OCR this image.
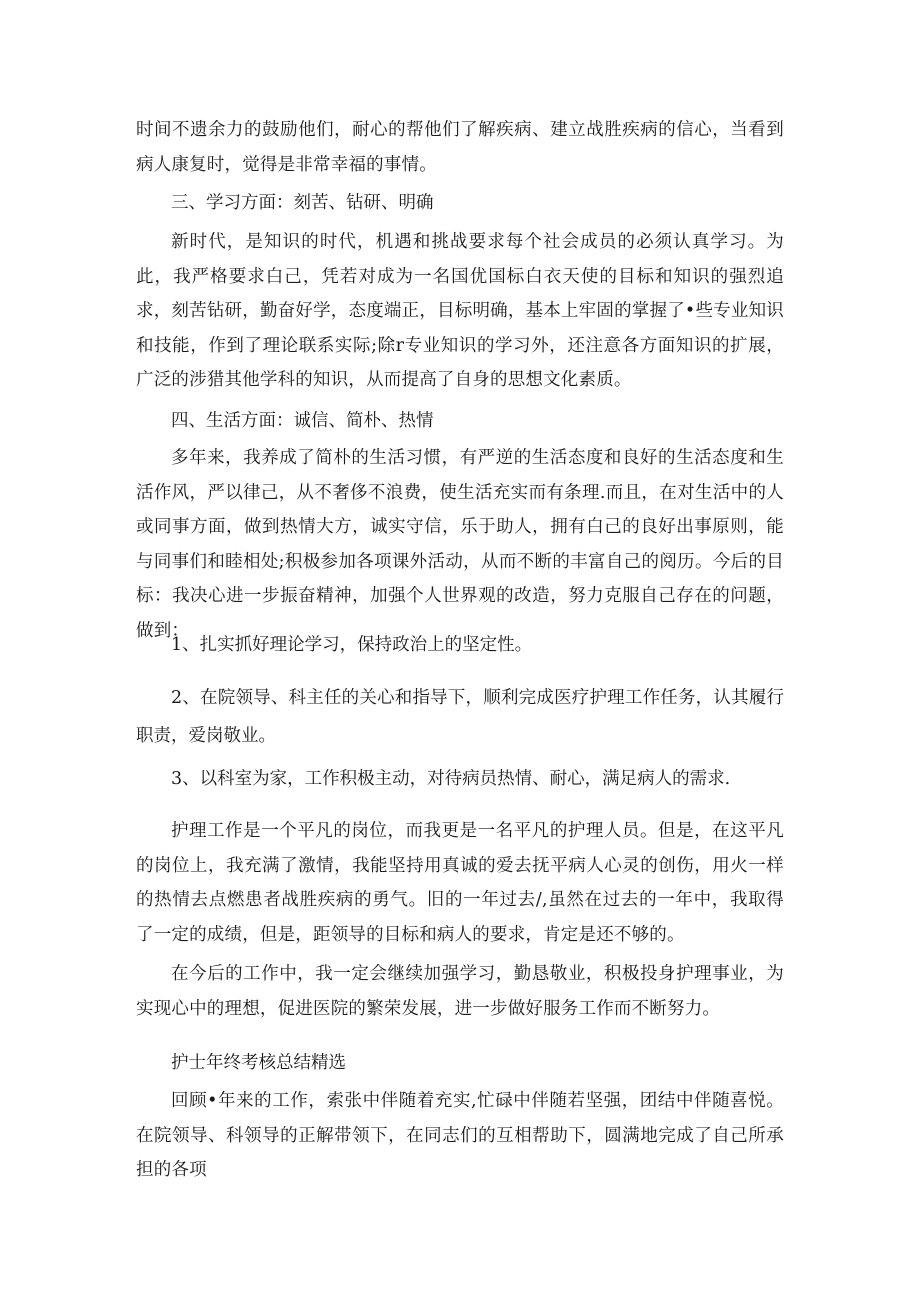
时间不遗余力的鼓励他们，耐心的帮他们了解疾病、建立战胜疾病的信心，当看到病人康复时，觉得是非常幸福的事情。

三、学习方面：刻苦、钻研、明确

新时代，是知识的时代，机遇和挑战要求每个社会成员的必须认真学习。为此，我严格要求白己，凭若对成为一名国优国标白衣天使的目标和知识的强烈追求，刻苦钻研，勤奋好学，态度端正，目标明确，基本上牢固的掌握了•些专业知识和技能，作到了理论联系实际;除r专业知识的学习外，还注意各方面知识的扩展，广泛的涉猎其他学科的知识，从而提高了自身的思想文化素质。

四、生活方面：诚信、简朴、热情

多年来，我养成了简朴的生活习惯，有严逆的生活态度和良好的生活态度和生活作风，严以律己，从不奢侈不浪费，使生活充实而有条理.而且，在对生活中的人或同事方面，做到热情大方，诚实守信，乐于助人，拥有白己的良好出事原则，能与同事们和睦相处;积极参加各项课外活动，从而不断的丰富自己的阅历。今后的目标：我决心进一步振奋精神，加强个人世界观的改造，努力克服自己存在的问题，做到：

1、扎实抓好理论学习，保持政治上的坚定性。

2、在院领导、科主任的关心和指导下，顺利完成医疗护理工作任务，认其履行职责，爱岗敬业。

3、以科室为家，工作积极主动，对待病员热情、耐心，满足病人的需求.

护理工作是一个平凡的岗位，而我更是一名平凡的护理人员。但是，在这平凡的岗位上，我充满了激情，我能坚持用真诚的爱去抚平病人心灵的创伤，用火一样的热情去点燃患者战胜疾病的勇气。旧的一年过去/,虽然在过去的一年中，我取得了一定的成绩，但是，距领导的目标和病人的要求，肯定是还不够的。

在今后的工作中，我一定会继续加强学习，勤恳敬业，积极投身护理事业，为实现心中的理想，促进医院的繁荣发展，进一步做好服务工作而不断努力。

护士年终考核总结精选

回顾•年来的工作，索张中伴随着充实,忙碌中伴随若坚强，团结中伴随喜悦。在院领导、科领导的正解带领下，在同志们的互相帮助下，圆满地完成了自己所承担的各项
